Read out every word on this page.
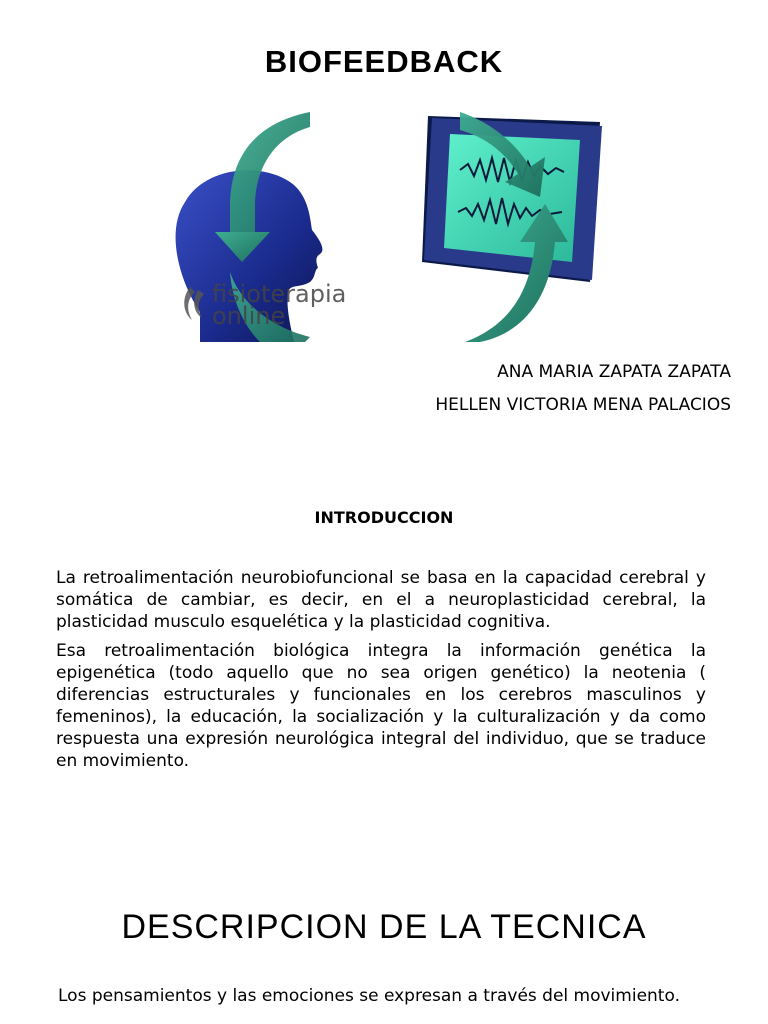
BIOFEEDBACK
fisioterapia
online
ANA MARIA ZAPATA ZAPATA
HELLEN VICTORIA MENA PALACIOS
INTRODUCCION

La retroalimentación neurobiofuncional se basa en la capacidad cerebral y somática de cambiar, es decir, en el a neuroplasticidad cerebral, la plasticidad musculo esquelética y la plasticidad cognitiva.

Esa retroalimentación biológica integra la información genética la epigenética (todo aquello que no sea origen genético) la neotenia ( diferencias estructurales y funcionales en los cerebros masculinos y femeninos), la educación, la socialización y la culturalización y da como respuesta una expresión neurológica integral del individuo, que se traduce en movimiento.

DESCRIPCION DE LA TECNICA

Los pensamientos y las emociones se expresan a través del movimiento.
